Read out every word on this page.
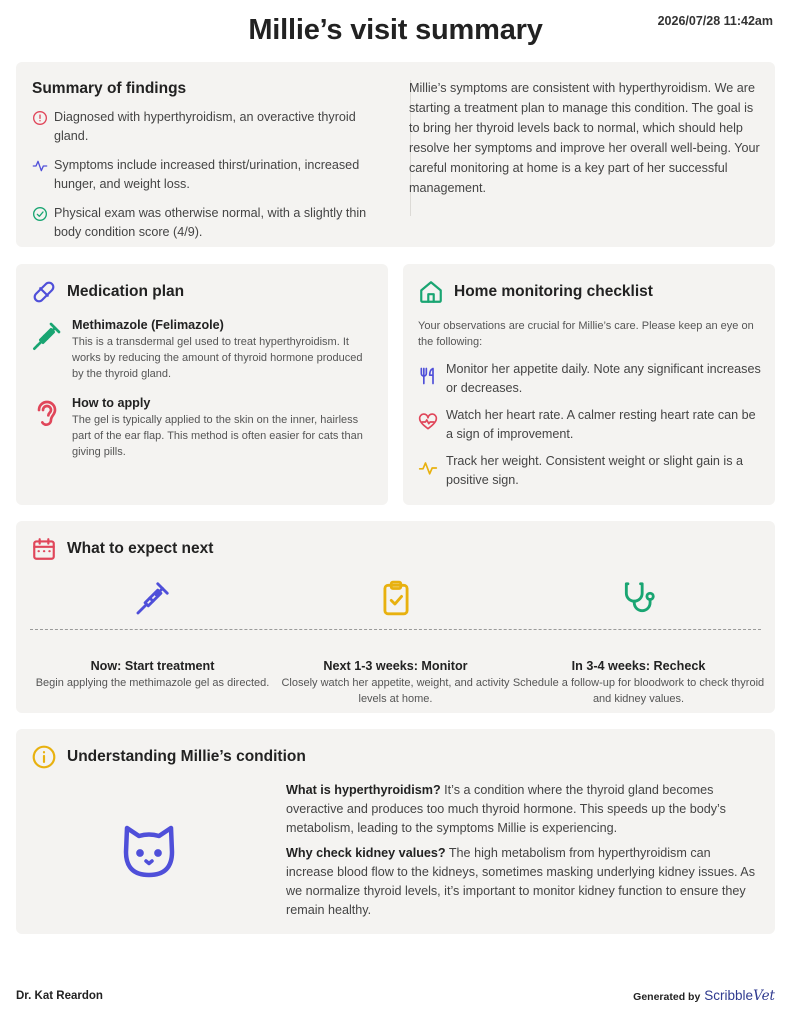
Millie’s visit summary	2026/07/28 11:42am
Summary of findings
Diagnosed with hyperthyroidism, an overactive thyroid gland.
Symptoms include increased thirst/urination, increased hunger, and weight loss.
Physical exam was otherwise normal, with a slightly thin body condition score (4/9).
Millie’s symptoms are consistent with hyperthyroidism. We are starting a treatment plan to manage this condition. The goal is to bring her thyroid levels back to normal, which should help resolve her symptoms and improve her overall well-being. Your careful monitoring at home is a key part of her successful management.
Medication plan
Methimazole (Felimazole)
This is a transdermal gel used to treat hyperthyroidism. It works by reducing the amount of thyroid hormone produced by the thyroid gland.
How to apply
The gel is typically applied to the skin on the inner, hairless part of the ear flap. This method is often easier for cats than giving pills.
Home monitoring checklist
Your observations are crucial for Millie’s care. Please keep an eye on the following:
Monitor her appetite daily. Note any significant increases or decreases.
Watch her heart rate. A calmer resting heart rate can be a sign of improvement.
Track her weight. Consistent weight or slight gain is a positive sign.
What to expect next
Now: Start treatment
Begin applying the methimazole gel as directed.
Next 1-3 weeks: Monitor
Closely watch her appetite, weight, and activity levels at home.
In 3-4 weeks: Recheck
Schedule a follow-up for bloodwork to check thyroid and kidney values.
Understanding Millie’s condition

What is hyperthyroidism? It’s a condition where the thyroid gland becomes overactive and produces too much thyroid hormone. This speeds up the body’s metabolism, leading to the symptoms Millie is experiencing.

Why check kidney values? The high metabolism from hyperthyroidism can increase blood flow to the kidneys, sometimes masking underlying kidney issues. As we normalize thyroid levels, it’s important to monitor kidney function to ensure they remain healthy.

Dr. Kat Reardon	Generated by ScribbleVet
